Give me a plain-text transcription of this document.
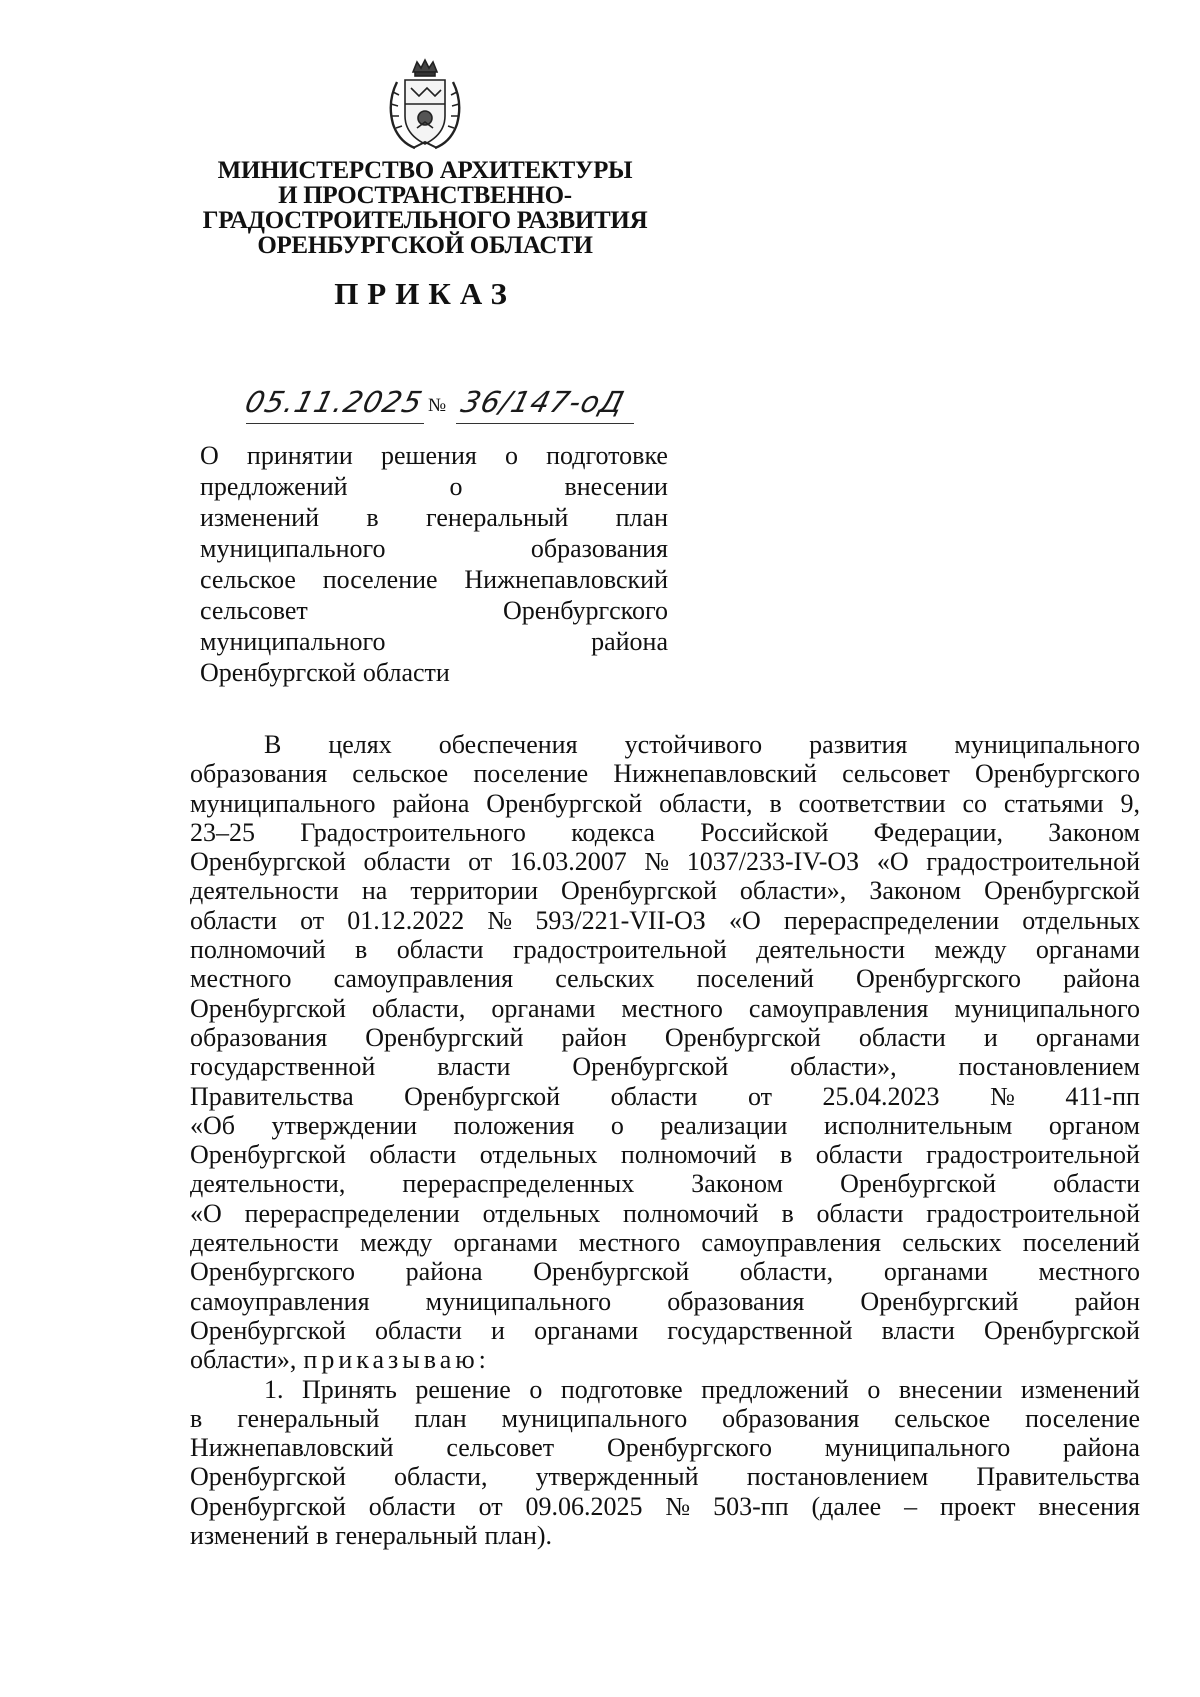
МИНИСТЕРСТВО АРХИТЕКТУРЫ
И ПРОСТРАНСТВЕННО-
ГРАДОСТРОИТЕЛЬНОГО РАЗВИТИЯ
ОРЕНБУРГСКОЙ ОБЛАСТИ
ПРИКАЗ
05.11.2025 № 36/147-оД
О принятии решения о подготовке
предложений	о	внесении
изменений в генеральный план
муниципального	образования
сельское поселение Нижнепавловский
сельсовет	Оренбургского
муниципального	района
Оренбургской области
В целях обеспечения устойчивого развития муниципального
образования сельское поселение Нижнепавловский сельсовет Оренбургского
муниципального района Оренбургской области, в соответствии со статьями 9,
23–25 Градостроительного кодекса Российской Федерации, Законом
Оренбургской области от 16.03.2007 № 1037/233-IV-ОЗ «О градостроительной
деятельности на территории Оренбургской области», Законом Оренбургской
области от 01.12.2022 № 593/221-VII-ОЗ «О перераспределении отдельных
полномочий в области градостроительной деятельности между органами
местного самоуправления сельских поселений Оренбургского района
Оренбургской области, органами местного самоуправления муниципального
образования Оренбургский район Оренбургской области и органами
государственной власти Оренбургской области», постановлением
Правительства Оренбургской области от 25.04.2023 № 411-пп
«Об утверждении положения о реализации исполнительным органом
Оренбургской области отдельных полномочий в области градостроительной
деятельности, перераспределенных Законом Оренбургской области
«О перераспределении отдельных полномочий в области градостроительной
деятельности между органами местного самоуправления сельских поселений
Оренбургского района Оренбургской области, органами местного
самоуправления муниципального образования Оренбургский район
Оренбургской области и органами государственной власти Оренбургской
области», приказываю:
1. Принять решение о подготовке предложений о внесении изменений
в генеральный план муниципального образования сельское поселение
Нижнепавловский сельсовет Оренбургского муниципального района
Оренбургской области, утвержденный постановлением Правительства
Оренбургской области от 09.06.2025 № 503-пп (далее – проект внесения
изменений в генеральный план).
